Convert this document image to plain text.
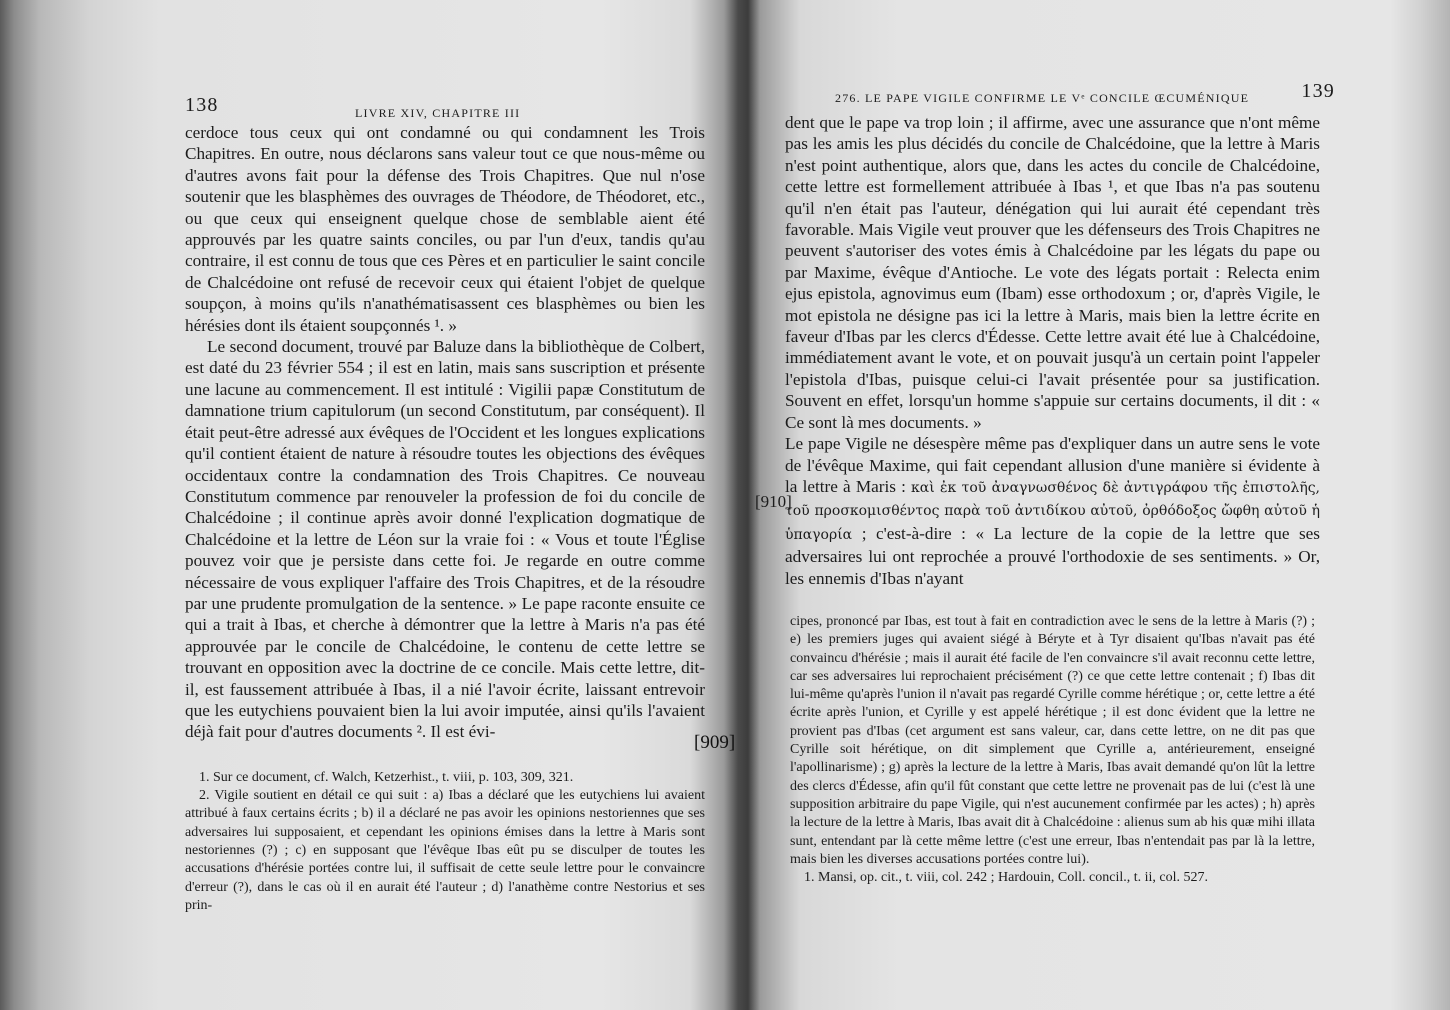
138	LIVRE XIV, CHAPITRE III

cerdoce tous ceux qui ont condamné ou qui condamnent les Trois Chapitres. En outre, nous déclarons sans valeur tout ce que nous-même ou d'autres avons fait pour la défense des Trois Chapitres. Que nul n'ose soutenir que les blasphèmes des ouvrages de Théodore, de Théodoret, etc., ou que ceux qui enseignent quelque chose de semblable aient été approuvés par les quatre saints conciles, ou par l'un d'eux, tandis qu'au contraire, il est connu de tous que ces Pères et en particulier le saint concile de Chalcédoine ont refusé de recevoir ceux qui étaient l'objet de quelque soupçon, à moins qu'ils n'anathématisassent ces blasphèmes ou bien les hérésies dont ils étaient soupçonnés ¹. »

Le second document, trouvé par Baluze dans la bibliothèque de Colbert, est daté du 23 février 554 ; il est en latin, mais sans suscription et présente une lacune au commencement. Il est intitulé : Vigilii papæ Constitutum de damnatione trium capitulorum (un second Constitutum, par conséquent). Il était peut-être adressé aux évêques de l'Occident et les longues explications qu'il contient étaient de nature à résoudre toutes les objections des évêques occidentaux contre la condamnation des Trois Chapitres. Ce nouveau Constitutum commence par renouveler la profession de foi du concile de Chalcédoine ; il continue après avoir donné l'explication dogmatique de Chalcédoine et la lettre de Léon sur la vraie foi : « Vous et toute l'Église pouvez voir que je persiste dans cette foi. Je regarde en outre comme nécessaire de vous expliquer l'affaire des Trois Chapitres, et de la résoudre par une prudente promulgation de la sentence. » Le pape raconte ensuite ce qui a trait à Ibas, et cherche à démontrer que la lettre à Maris n'a pas été approuvée par le concile de Chalcédoine, le contenu de cette lettre se trouvant en opposition avec la doctrine de ce concile. Mais cette lettre, dit-il, est faussement attribuée à Ibas, il a nié l'avoir écrite, laissant entrevoir que les eutychiens pouvaient bien la lui avoir imputée, ainsi qu'ils l'avaient déjà fait pour d'autres documents ². Il est évi-

1. Sur ce document, cf. Walch, Ketzerhist., t. viii, p. 103, 309, 321.

2. Vigile soutient en détail ce qui suit : a) Ibas a déclaré que les eutychiens lui avaient attribué à faux certains écrits ; b) il a déclaré ne pas avoir les opinions nestoriennes que ses adversaires lui supposaient, et cependant les opinions émises dans la lettre à Maris sont nestoriennes (?) ; c) en supposant que l'évêque Ibas eût pu se disculper de toutes les accusations d'hérésie portées contre lui, il suffisait de cette seule lettre pour le convaincre d'erreur (?), dans le cas où il en aurait été l'auteur ; d) l'anathème contre Nestorius et ses prin-

[909]
276. LE PAPE VIGILE CONFIRME LE Vᵉ CONCILE ŒCUMÉNIQUE	139

dent que le pape va trop loin ; il affirme, avec une assurance que n'ont même pas les amis les plus décidés du concile de Chalcédoine, que la lettre à Maris n'est point authentique, alors que, dans les actes du concile de Chalcédoine, cette lettre est formellement attribuée à Ibas ¹, et que Ibas n'a pas soutenu qu'il n'en était pas l'auteur, dénégation qui lui aurait été cependant très favorable. Mais Vigile veut prouver que les défenseurs des Trois Chapitres ne peuvent s'autoriser des votes émis à Chalcédoine par les légats du pape ou par Maxime, évêque d'Antioche. Le vote des légats portait : Relecta enim ejus epistola, agnovimus eum (Ibam) esse orthodoxum ; or, d'après Vigile, le mot epistola ne désigne pas ici la lettre à Maris, mais bien la lettre écrite en faveur d'Ibas par les clercs d'Édesse. Cette lettre avait été lue à Chalcédoine, immédiatement avant le vote, et on pouvait jusqu'à un certain point l'appeler l'epistola d'Ibas, puisque celui-ci l'avait présentée pour sa justification. Souvent en effet, lorsqu'un homme s'appuie sur certains documents, il dit : « Ce sont là mes documents. »

Le pape Vigile ne désespère même pas d'expliquer dans un autre sens le vote de l'évêque Maxime, qui fait cependant allusion d'une manière si évidente à la lettre à Maris : καὶ ἐκ τοῦ ἀναγνωσθένος δὲ ἀντιγράφου τῆς ἐπιστολῆς, τοῦ προσκομισθέντος παρὰ τοῦ ἀντιδίκου αὐτοῦ, ὀρθόδοξος ὤφθη αὐτοῦ ἡ ὑπαγορία ; c'est-à-dire : « La lecture de la copie de la lettre que ses adversaires lui ont reprochée a prouvé l'orthodoxie de ses sentiments. » Or, les ennemis d'Ibas n'ayant

cipes, prononcé par Ibas, est tout à fait en contradiction avec le sens de la lettre à Maris (?) ; e) les premiers juges qui avaient siégé à Béryte et à Tyr disaient qu'Ibas n'avait pas été convaincu d'hérésie ; mais il aurait été facile de l'en convaincre s'il avait reconnu cette lettre, car ses adversaires lui reprochaient précisément (?) ce que cette lettre contenait ; f) Ibas dit lui-même qu'après l'union il n'avait pas regardé Cyrille comme hérétique ; or, cette lettre a été écrite après l'union, et Cyrille y est appelé hérétique ; il est donc évident que la lettre ne provient pas d'Ibas (cet argument est sans valeur, car, dans cette lettre, on ne dit pas que Cyrille soit hérétique, on dit simplement que Cyrille a, antérieurement, enseigné l'apollinarisme) ; g) après la lecture de la lettre à Maris, Ibas avait demandé qu'on lût la lettre des clercs d'Édesse, afin qu'il fût constant que cette lettre ne provenait pas de lui (c'est là une supposition arbitraire du pape Vigile, qui n'est aucunement confirmée par les actes) ; h) après la lecture de la lettre à Maris, Ibas avait dit à Chalcédoine : alienus sum ab his quæ mihi illata sunt, entendant par là cette même lettre (c'est une erreur, Ibas n'entendait pas par là la lettre, mais bien les diverses accusations portées contre lui).

1. Mansi, op. cit., t. viii, col. 242 ; Hardouin, Coll. concil., t. ii, col. 527.

[910]
